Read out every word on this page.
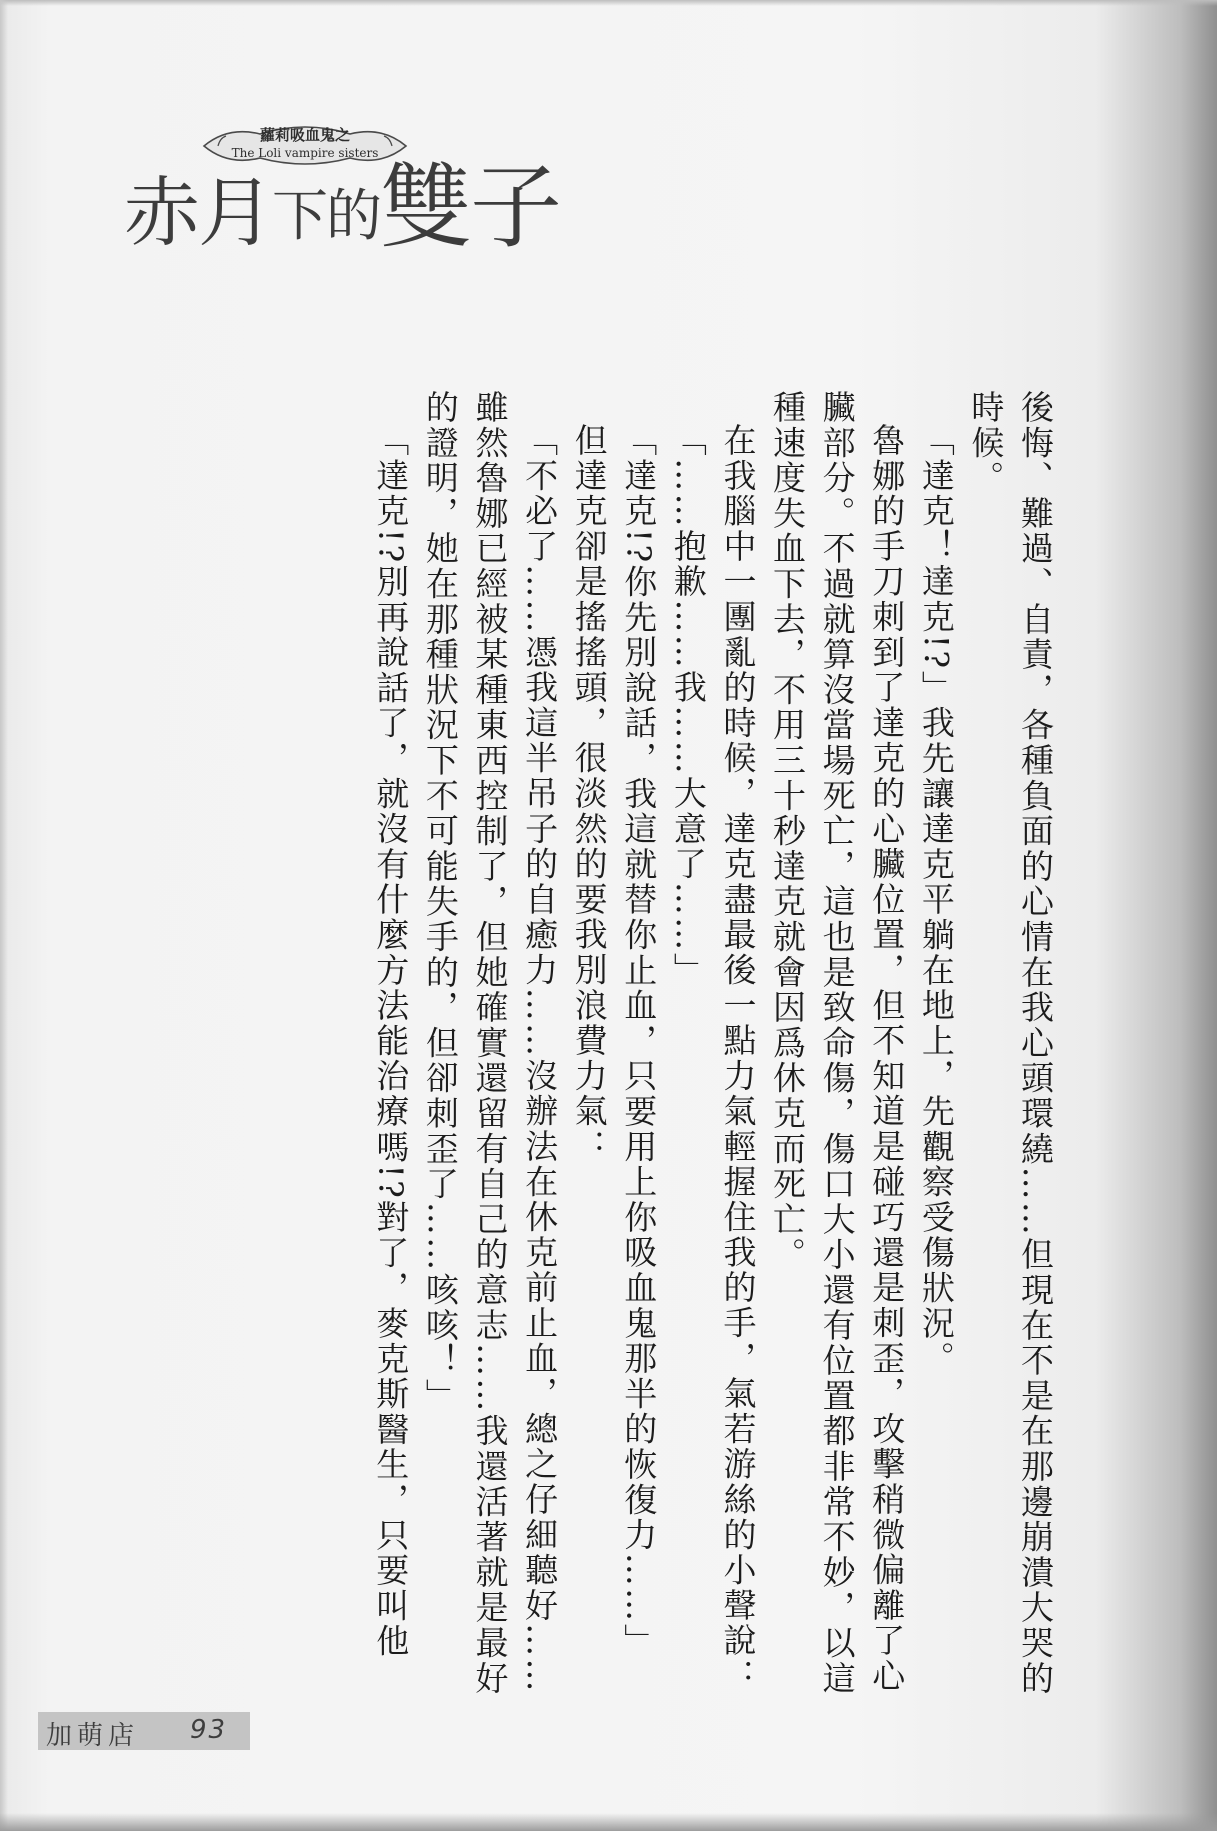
蘿莉吸血鬼之
The Loli vampire sisters
赤月下的雙子

後悔、難過、自責，各種負面的心情在我心頭環繞……但現在不是在那邊崩潰大哭的時候。

「達克！達克!?」我先讓達克平躺在地上，先觀察受傷狀況。

魯娜的手刀刺到了達克的心臟位置，但不知道是碰巧還是刺歪，攻擊稍微偏離了心臟部分。不過就算沒當場死亡，這也是致命傷，傷口大小還有位置都非常不妙，以這種速度失血下去，不用三十秒達克就會因爲休克而死亡。

在我腦中一團亂的時候，達克盡最後一點力氣輕握住我的手，氣若游絲的小聲說：

「……抱歉……我……大意了……」

「達克!?你先別說話，我這就替你止血，只要用上你吸血鬼那半的恢復力……」

但達克卻是搖搖頭，很淡然的要我別浪費力氣：

「不必了……憑我這半吊子的自癒力……沒辦法在休克前止血，總之仔細聽好……雖然魯娜已經被某種東西控制了，但她確實還留有自己的意志……我還活著就是最好的證明，她在那種狀況下不可能失手的，但卻刺歪了……咳咳！」

「達克!?別再說話了，就沒有什麼方法能治療嗎!?對了，麥克斯醫生，只要叫他

加萌店 93
